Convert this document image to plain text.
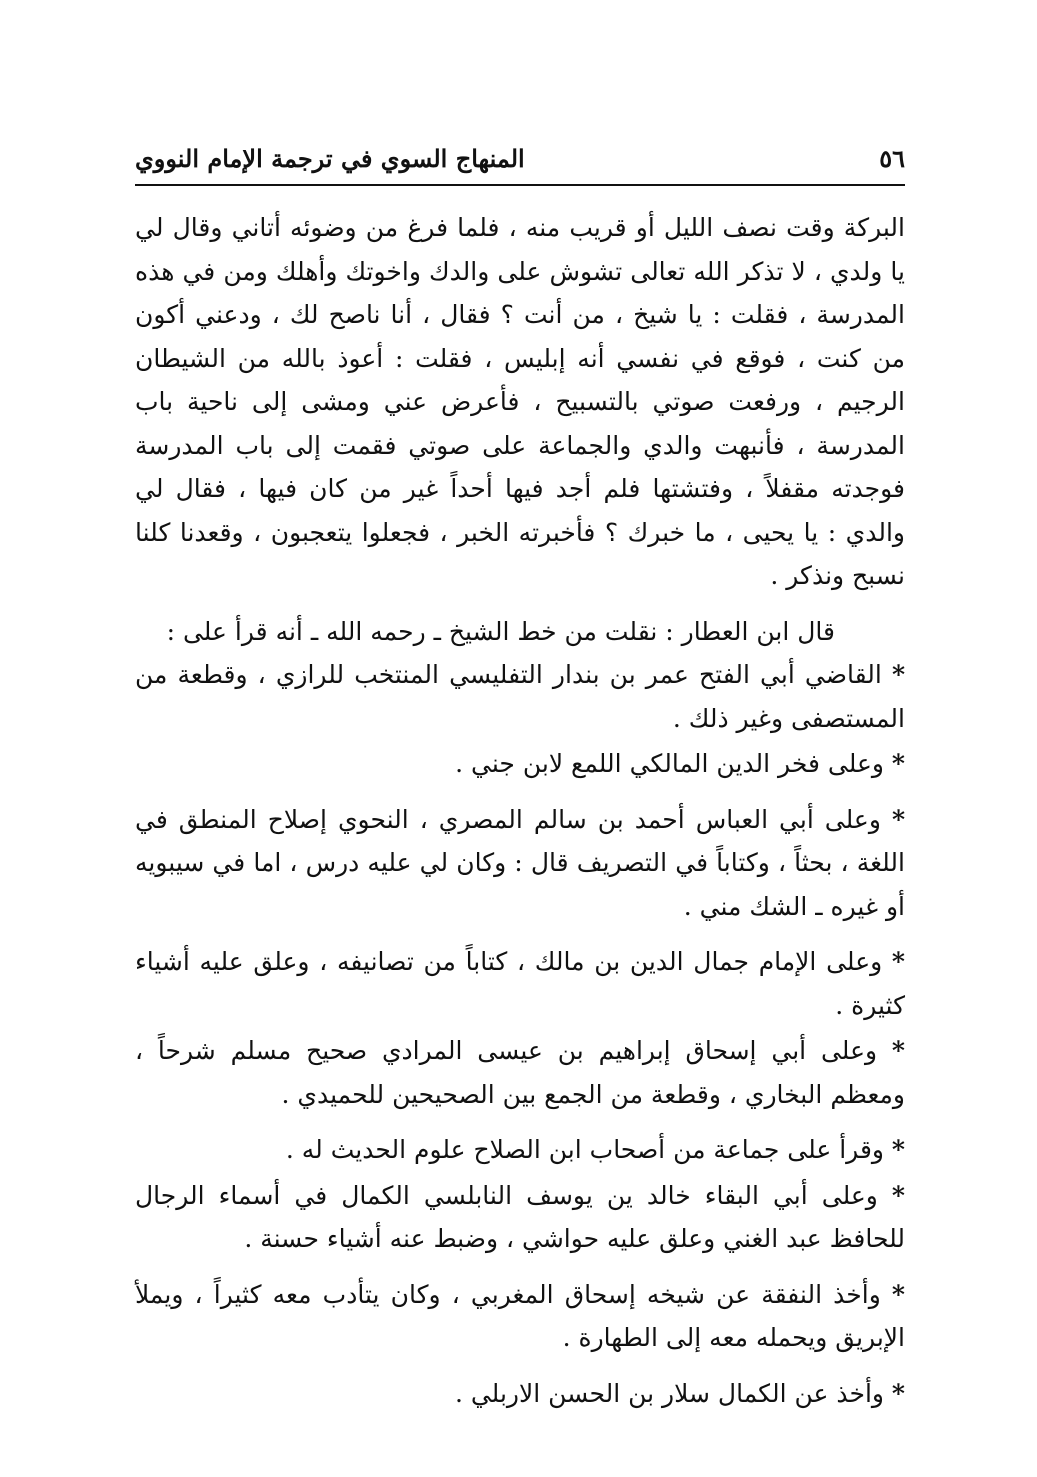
٥٦
المنهاج السوي في ترجمة الإمام النووي

البركة وقت نصف الليل أو قريب منه ، فلما فرغ من وضوئه أتاني وقال لي يا ولدي ، لا تذكر الله تعالى تشوش على والدك واخوتك وأهلك ومن في هذه المدرسة ، فقلت : يا شيخ ، من أنت ؟ فقال ، أنا ناصح لك ، ودعني أكون من كنت ، فوقع في نفسي أنه إبليس ، فقلت : أعوذ بالله من الشيطان الرجيم ، ورفعت صوتي بالتسبيح ، فأعرض عني ومشى إلى ناحية باب المدرسة ، فأنبهت والدي والجماعة على صوتي فقمت إلى باب المدرسة فوجدته مقفلاً ، وفتشتها فلم أجد فيها أحداً غير من كان فيها ، فقال لي والدي : يا يحيى ، ما خبرك ؟ فأخبرته الخبر ، فجعلوا يتعجبون ، وقعدنا كلنا نسبح ونذكر .

قال ابن العطار : نقلت من خط الشيخ ـ رحمه الله ـ أنه قرأ على :

* القاضي أبي الفتح عمر بن بندار التفليسي المنتخب للرازي ، وقطعة من المستصفى وغير ذلك .

* وعلى فخر الدين المالكي اللمع لابن جني .

* وعلى أبي العباس أحمد بن سالم المصري ، النحوي إصلاح المنطق في اللغة ، بحثاً ، وكتاباً في التصريف قال : وكان لي عليه درس ، اما في سيبويه أو غيره ـ الشك مني .

* وعلى الإمام جمال الدين بن مالك ، كتاباً من تصانيفه ، وعلق عليه أشياء كثيرة .

* وعلى أبي إسحاق إبراهيم بن عيسى المرادي صحيح مسلم شرحاً ، ومعظم البخاري ، وقطعة من الجمع بين الصحيحين للحميدي .

* وقرأ على جماعة من أصحاب ابن الصلاح علوم الحديث له .

* وعلى أبي البقاء خالد ين يوسف النابلسي الكمال في أسماء الرجال للحافظ عبد الغني وعلق عليه حواشي ، وضبط عنه أشياء حسنة .

* وأخذ النفقة عن شيخه إسحاق المغربي ، وكان يتأدب معه كثيراً ، ويملأ الإبريق ويحمله معه إلى الطهارة .

* وأخذ عن الكمال سلار بن الحسن الاربلي .
